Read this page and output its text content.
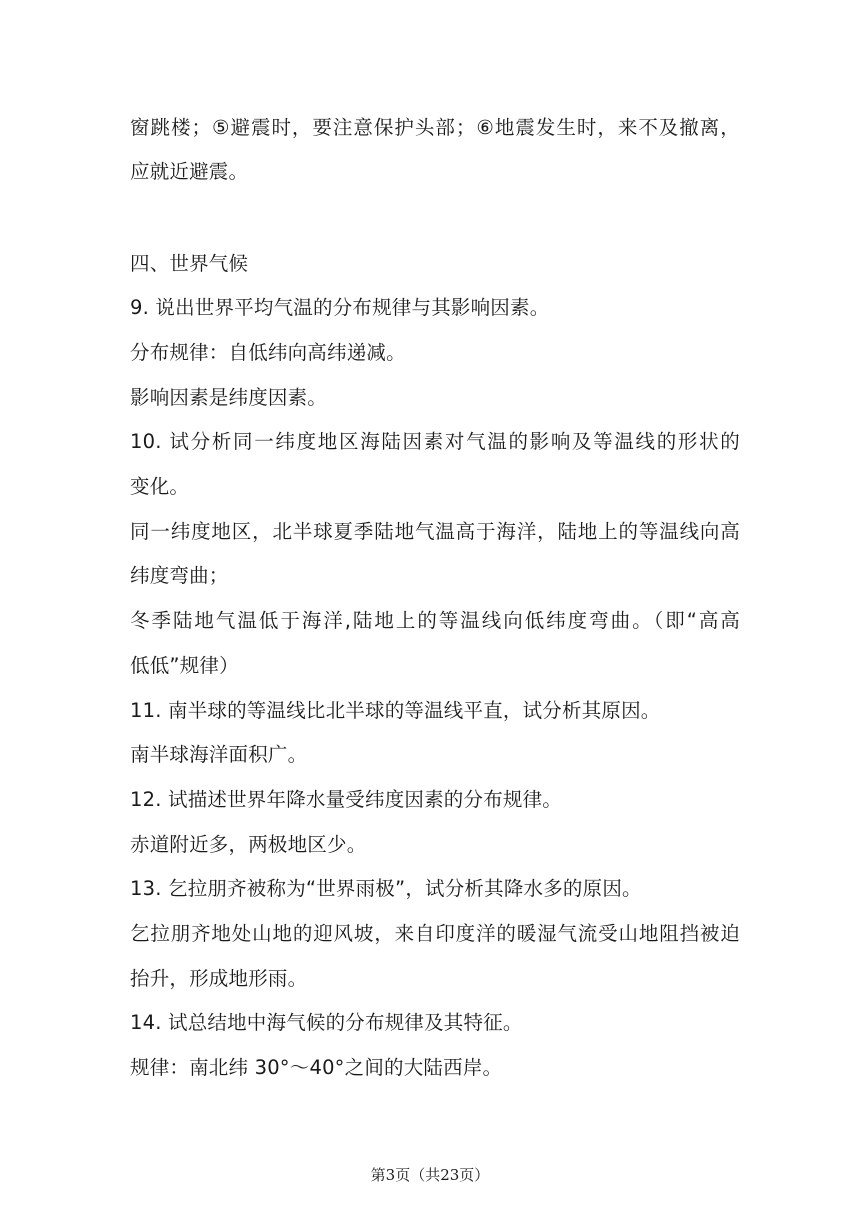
窗跳楼；⑤避震时，要注意保护头部；⑥地震发生时，来不及撤离，
应就近避震。
四、世界气候
9. 说出世界平均气温的分布规律与其影响因素。
分布规律：自低纬向高纬递减。
影响因素是纬度因素。
10. 试分析同一纬度地区海陆因素对气温的影响及等温线的形状的
变化。
同一纬度地区，北半球夏季陆地气温高于海洋，陆地上的等温线向高
纬度弯曲；
冬季陆地气温低于海洋,陆地上的等温线向低纬度弯曲。（即“高高
低低”规律）
11. 南半球的等温线比北半球的等温线平直，试分析其原因。
南半球海洋面积广。
12. 试描述世界年降水量受纬度因素的分布规律。
赤道附近多，两极地区少。
13. 乞拉朋齐被称为“世界雨极”，试分析其降水多的原因。
乞拉朋齐地处山地的迎风坡，来自印度洋的暖湿气流受山地阻挡被迫
抬升，形成地形雨。
14. 试总结地中海气候的分布规律及其特征。
规律：南北纬 30°～40°之间的大陆西岸。
第3页（共23页）
